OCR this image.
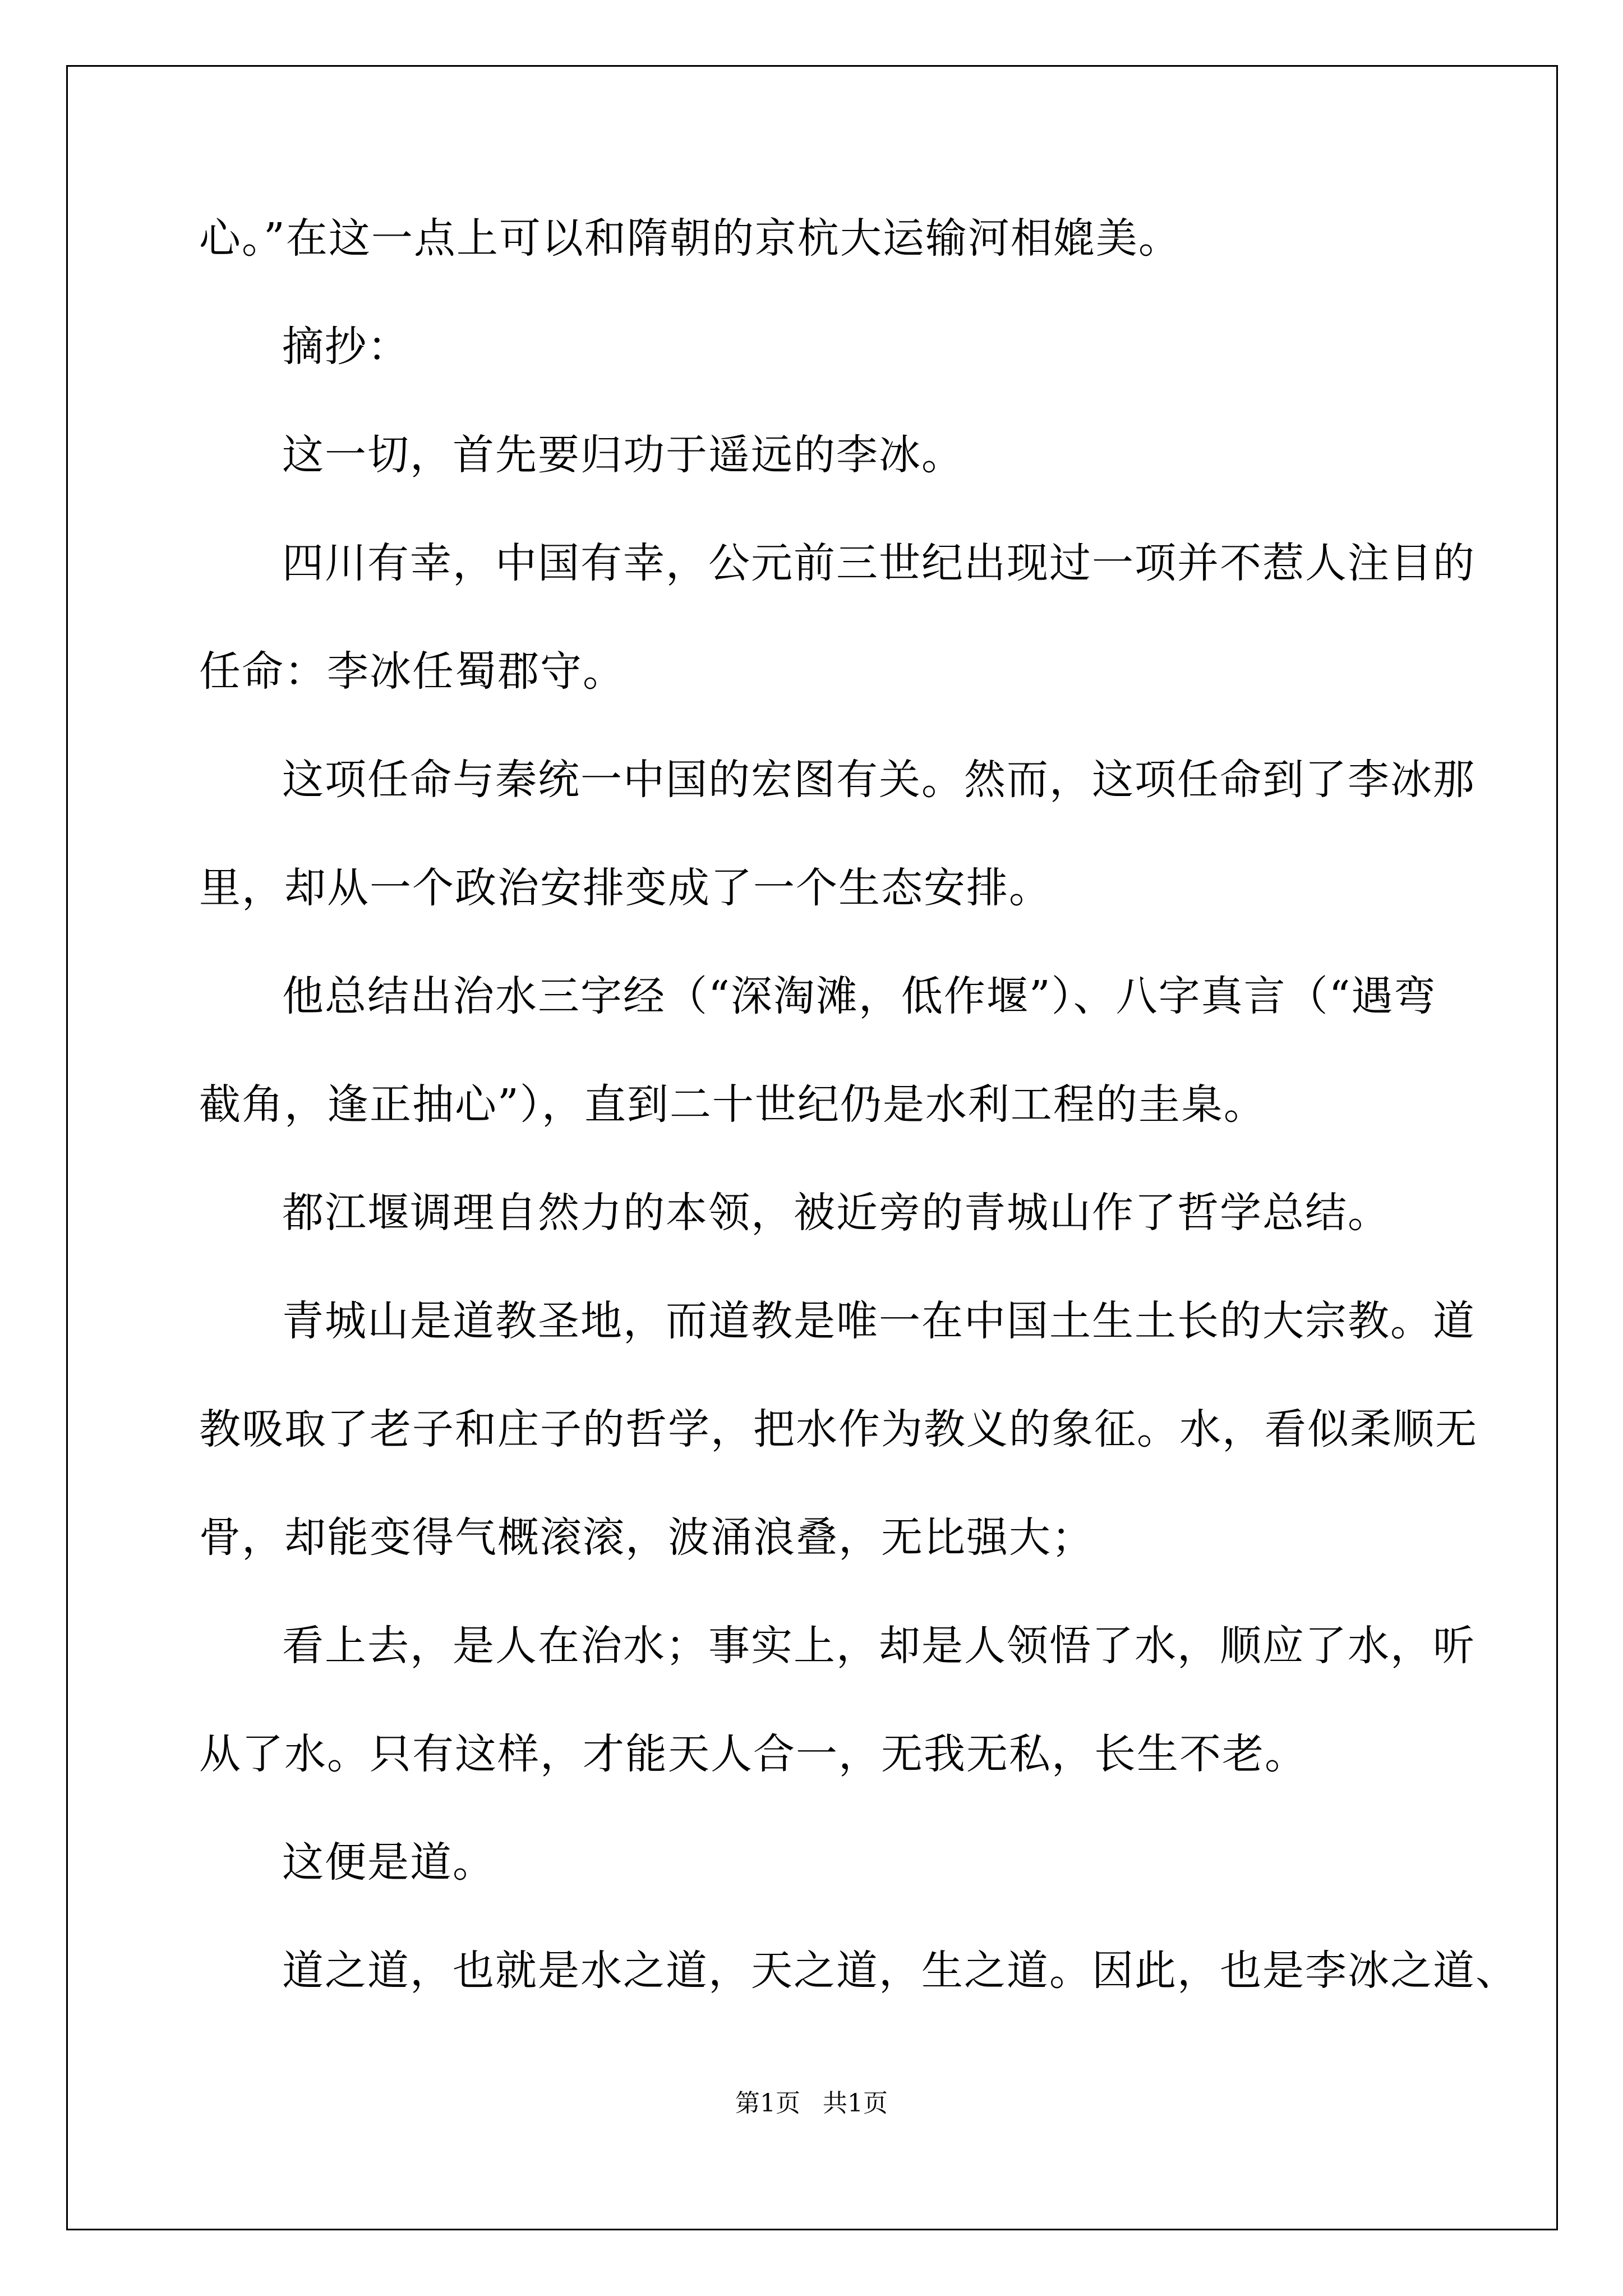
心。”在这一点上可以和隋朝的京杭大运输河相媲美。
摘抄：
这一切，首先要归功于遥远的李冰。
四川有幸，中国有幸，公元前三世纪出现过一项并不惹人注目的
任命：李冰任蜀郡守。
这项任命与秦统一中国的宏图有关。然而，这项任命到了李冰那
里，却从一个政治安排变成了一个生态安排。
他总结出治水三字经（“深淘滩，低作堰”）、八字真言（“遇弯
截角，逢正抽心”），直到二十世纪仍是水利工程的圭臬。
都江堰调理自然力的本领，被近旁的青城山作了哲学总结。
青城山是道教圣地，而道教是唯一在中国土生土长的大宗教。道
教吸取了老子和庄子的哲学，把水作为教义的象征。水，看似柔顺无
骨，却能变得气概滚滚，波涌浪叠，无比强大；
看上去，是人在治水；事实上，却是人领悟了水，顺应了水，听
从了水。只有这样，才能天人合一，无我无私，长生不老。
这便是道。
道之道，也就是水之道，天之道，生之道。因此，也是李冰之道、
第1页 共1页
